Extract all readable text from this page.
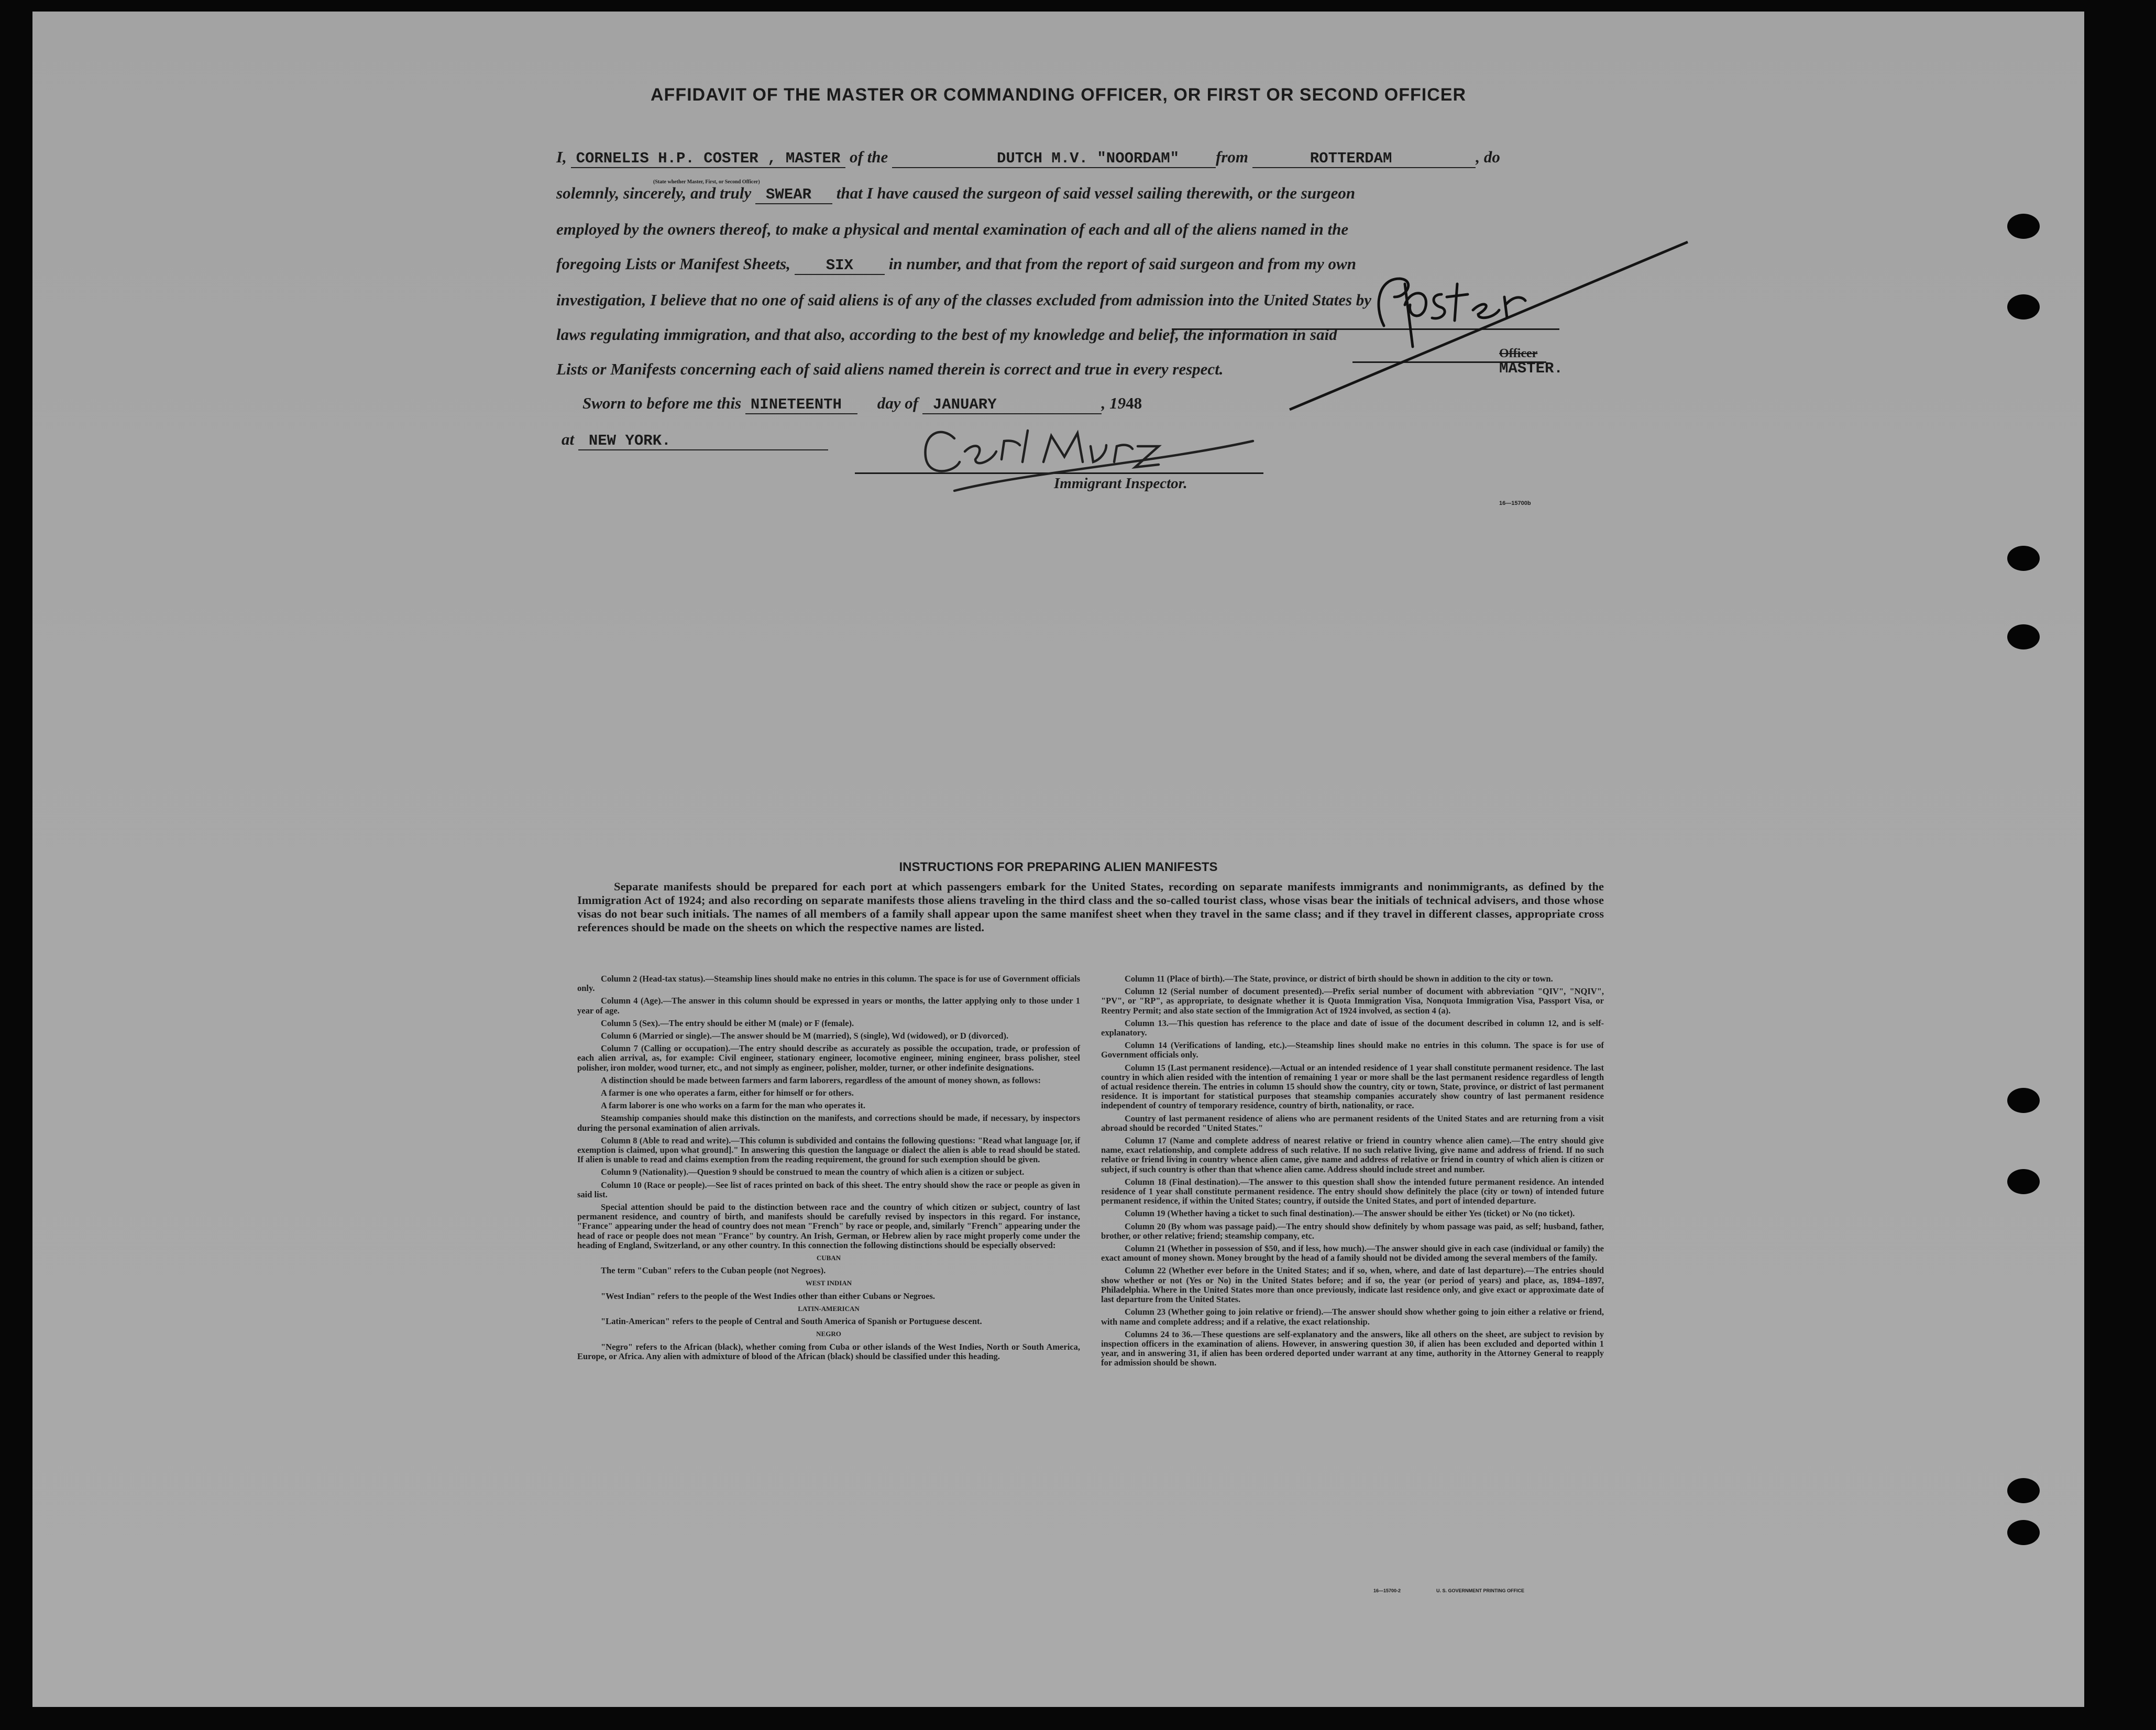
AFFIDAVIT OF THE MASTER OR COMMANDING OFFICER, OR FIRST OR SECOND OFFICER

I, CORNELIS H.P. COSTER , MASTER of the	DUTCH M.V. "NOORDAM" from	ROTTERDAM	, do

(State whether Master, First, or Second Officer)

solemnly, sincerely, and truly SWEAR that I have caused the surgeon of said vessel sailing therewith, or the surgeon

employed by the owners thereof, to make a physical and mental examination of each and all of the aliens named in the

foregoing Lists or Manifest Sheets, SIX in number, and that from the report of said surgeon and from my own

investigation, I believe that no one of said aliens is of any of the classes excluded from admission into the United States by

laws regulating immigration, and that also, according to the best of my knowledge and belief, the information in said

Lists or Manifests concerning each of said aliens named therein is correct and true in every respect.

Officer
MASTER.
Sworn to before me this NINETEENTH day of JANUARY	, 1948
at NEW YORK.
Immigrant Inspector.
16—15700b
INSTRUCTIONS FOR PREPARING ALIEN MANIFESTS
Separate manifests should be prepared for each port at which passengers embark for the United States, recording on separate manifests immigrants and nonimmigrants, as defined by the Immigration Act of 1924; and also recording on separate manifests those aliens traveling in the third class and the so-called tourist class, whose visas bear the initials of technical advisers, and those whose visas do not bear such initials. The names of all members of a family shall appear upon the same manifest sheet when they travel in the same class; and if they travel in different classes, appropriate cross references should be made on the sheets on which the respective names are listed.

Column 2 (Head-tax status).—Steamship lines should make no entries in this column. The space is for use of Government officials only.

Column 4 (Age).—The answer in this column should be expressed in years or months, the latter applying only to those under 1 year of age.

Column 5 (Sex).—The entry should be either M (male) or F (female).

Column 6 (Married or single).—The answer should be M (married), S (single), Wd (widowed), or D (divorced).

Column 7 (Calling or occupation).—The entry should describe as accurately as possible the occupation, trade, or profession of each alien arrival, as, for example: Civil engineer, stationary engineer, locomotive engineer, mining engineer, brass polisher, steel polisher, iron molder, wood turner, etc., and not simply as engineer, polisher, molder, turner, or other indefinite designations.

A distinction should be made between farmers and farm laborers, regardless of the amount of money shown, as follows:

A farmer is one who operates a farm, either for himself or for others.

A farm laborer is one who works on a farm for the man who operates it.

Steamship companies should make this distinction on the manifests, and corrections should be made, if necessary, by inspectors during the personal examination of alien arrivals.

Column 8 (Able to read and write).—This column is subdivided and contains the following questions: "Read what language [or, if exemption is claimed, upon what ground]." In answering this question the language or dialect the alien is able to read should be stated. If alien is unable to read and claims exemption from the reading requirement, the ground for such exemption should be given.

Column 9 (Nationality).—Question 9 should be construed to mean the country of which alien is a citizen or subject.

Column 10 (Race or people).—See list of races printed on back of this sheet. The entry should show the race or people as given in said list.

Special attention should be paid to the distinction between race and the country of which citizen or subject, country of last permanent residence, and country of birth, and manifests should be carefully revised by inspectors in this regard. For instance, "France" appearing under the head of country does not mean "French" by race or people, and, similarly "French" appearing under the head of race or people does not mean "France" by country. An Irish, German, or Hebrew alien by race might properly come under the heading of England, Switzerland, or any other country. In this connection the following distinctions should be especially observed:

CUBAN

The term "Cuban" refers to the Cuban people (not Negroes).

WEST INDIAN

"West Indian" refers to the people of the West Indies other than either Cubans or Negroes.

LATIN-AMERICAN

"Latin-American" refers to the people of Central and South America of Spanish or Portuguese descent.

NEGRO

"Negro" refers to the African (black), whether coming from Cuba or other islands of the West Indies, North or South America, Europe, or Africa. Any alien with admixture of blood of the African (black) should be classified under this heading.

Column 11 (Place of birth).—The State, province, or district of birth should be shown in addition to the city or town.

Column 12 (Serial number of document presented).—Prefix serial number of document with abbreviation "QIV", "NQIV", "PV", or "RP", as appropriate, to designate whether it is Quota Immigration Visa, Nonquota Immigration Visa, Passport Visa, or Reentry Permit; and also state section of the Immigration Act of 1924 involved, as section 4 (a).

Column 13.—This question has reference to the place and date of issue of the document described in column 12, and is self-explanatory.

Column 14 (Verifications of landing, etc.).—Steamship lines should make no entries in this column. The space is for use of Government officials only.

Column 15 (Last permanent residence).—Actual or an intended residence of 1 year shall constitute permanent residence. The last country in which alien resided with the intention of remaining 1 year or more shall be the last permanent residence regardless of length of actual residence therein. The entries in column 15 should show the country, city or town, State, province, or district of last permanent residence. It is important for statistical purposes that steamship companies accurately show country of last permanent residence independent of country of temporary residence, country of birth, nationality, or race.

Country of last permanent residence of aliens who are permanent residents of the United States and are returning from a visit abroad should be recorded "United States."

Column 17 (Name and complete address of nearest relative or friend in country whence alien came).—The entry should give name, exact relationship, and complete address of such relative. If no such relative living, give name and address of friend. If no such relative or friend living in country whence alien came, give name and address of relative or friend in country of which alien is citizen or subject, if such country is other than that whence alien came. Address should include street and number.

Column 18 (Final destination).—The answer to this question shall show the intended future permanent residence. An intended residence of 1 year shall constitute permanent residence. The entry should show definitely the place (city or town) of intended future permanent residence, if within the United States; country, if outside the United States, and port of intended departure.

Column 19 (Whether having a ticket to such final destination).—The answer should be either Yes (ticket) or No (no ticket).

Column 20 (By whom was passage paid).—The entry should show definitely by whom passage was paid, as self; husband, father, brother, or other relative; friend; steamship company, etc.

Column 21 (Whether in possession of $50, and if less, how much).—The answer should give in each case (individual or family) the exact amount of money shown. Money brought by the head of a family should not be divided among the several members of the family.

Column 22 (Whether ever before in the United States; and if so, when, where, and date of last departure).—The entries should show whether or not (Yes or No) in the United States before; and if so, the year (or period of years) and place, as, 1894–1897, Philadelphia. Where in the United States more than once previously, indicate last residence only, and give exact or approximate date of last departure from the United States.

Column 23 (Whether going to join relative or friend).—The answer should show whether going to join either a relative or friend, with name and complete address; and if a relative, the exact relationship.

Columns 24 to 36.—These questions are self-explanatory and the answers, like all others on the sheet, are subject to revision by inspection officers in the examination of aliens. However, in answering question 30, if alien has been excluded and deported within 1 year, and in answering 31, if alien has been ordered deported under warrant at any time, authority in the Attorney General to reapply for admission should be shown.

16—15700-2	U. S. GOVERNMENT PRINTING OFFICE
